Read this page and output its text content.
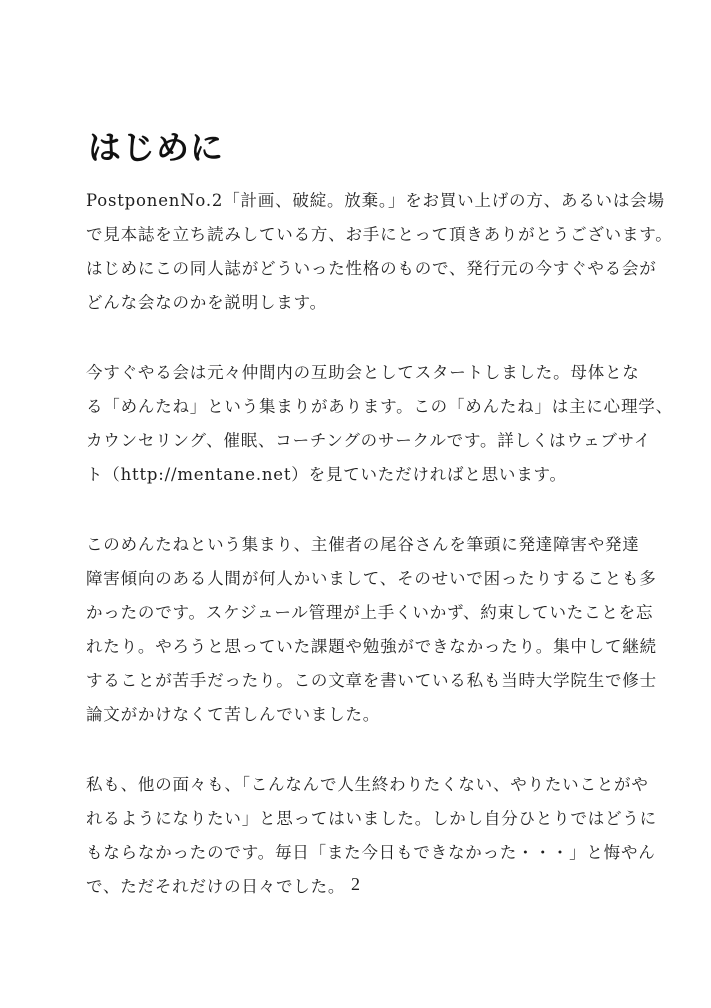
はじめに

PostponenNo.2「計画、破綻。放棄。」をお買い上げの方、あるいは会場
で見本誌を立ち読みしている方、お手にとって頂きありがとうございます。
はじめにこの同人誌がどういった性格のもので、発行元の今すぐやる会が
どんな会なのかを説明します。

今すぐやる会は元々仲間内の互助会としてスタートしました。母体とな
る「めんたね」という集まりがあります。この「めんたね」は主に心理学、
カウンセリング、催眠、コーチングのサークルです。詳しくはウェブサイ
ト（http://mentane.net）を見ていただければと思います。

このめんたねという集まり、主催者の尾谷さんを筆頭に発達障害や発達
障害傾向のある人間が何人かいまして、そのせいで困ったりすることも多
かったのです。スケジュール管理が上手くいかず、約束していたことを忘
れたり。やろうと思っていた課題や勉強ができなかったり。集中して継続
することが苦手だったり。この文章を書いている私も当時大学院生で修士
論文がかけなくて苦しんでいました。

私も、他の面々も、「こんなんで人生終わりたくない、やりたいことがや
れるようになりたい」と思ってはいました。しかし自分ひとりではどうに
もならなかったのです。毎日「また今日もできなかった・・・」と悔やん
で、ただそれだけの日々でした。 2
